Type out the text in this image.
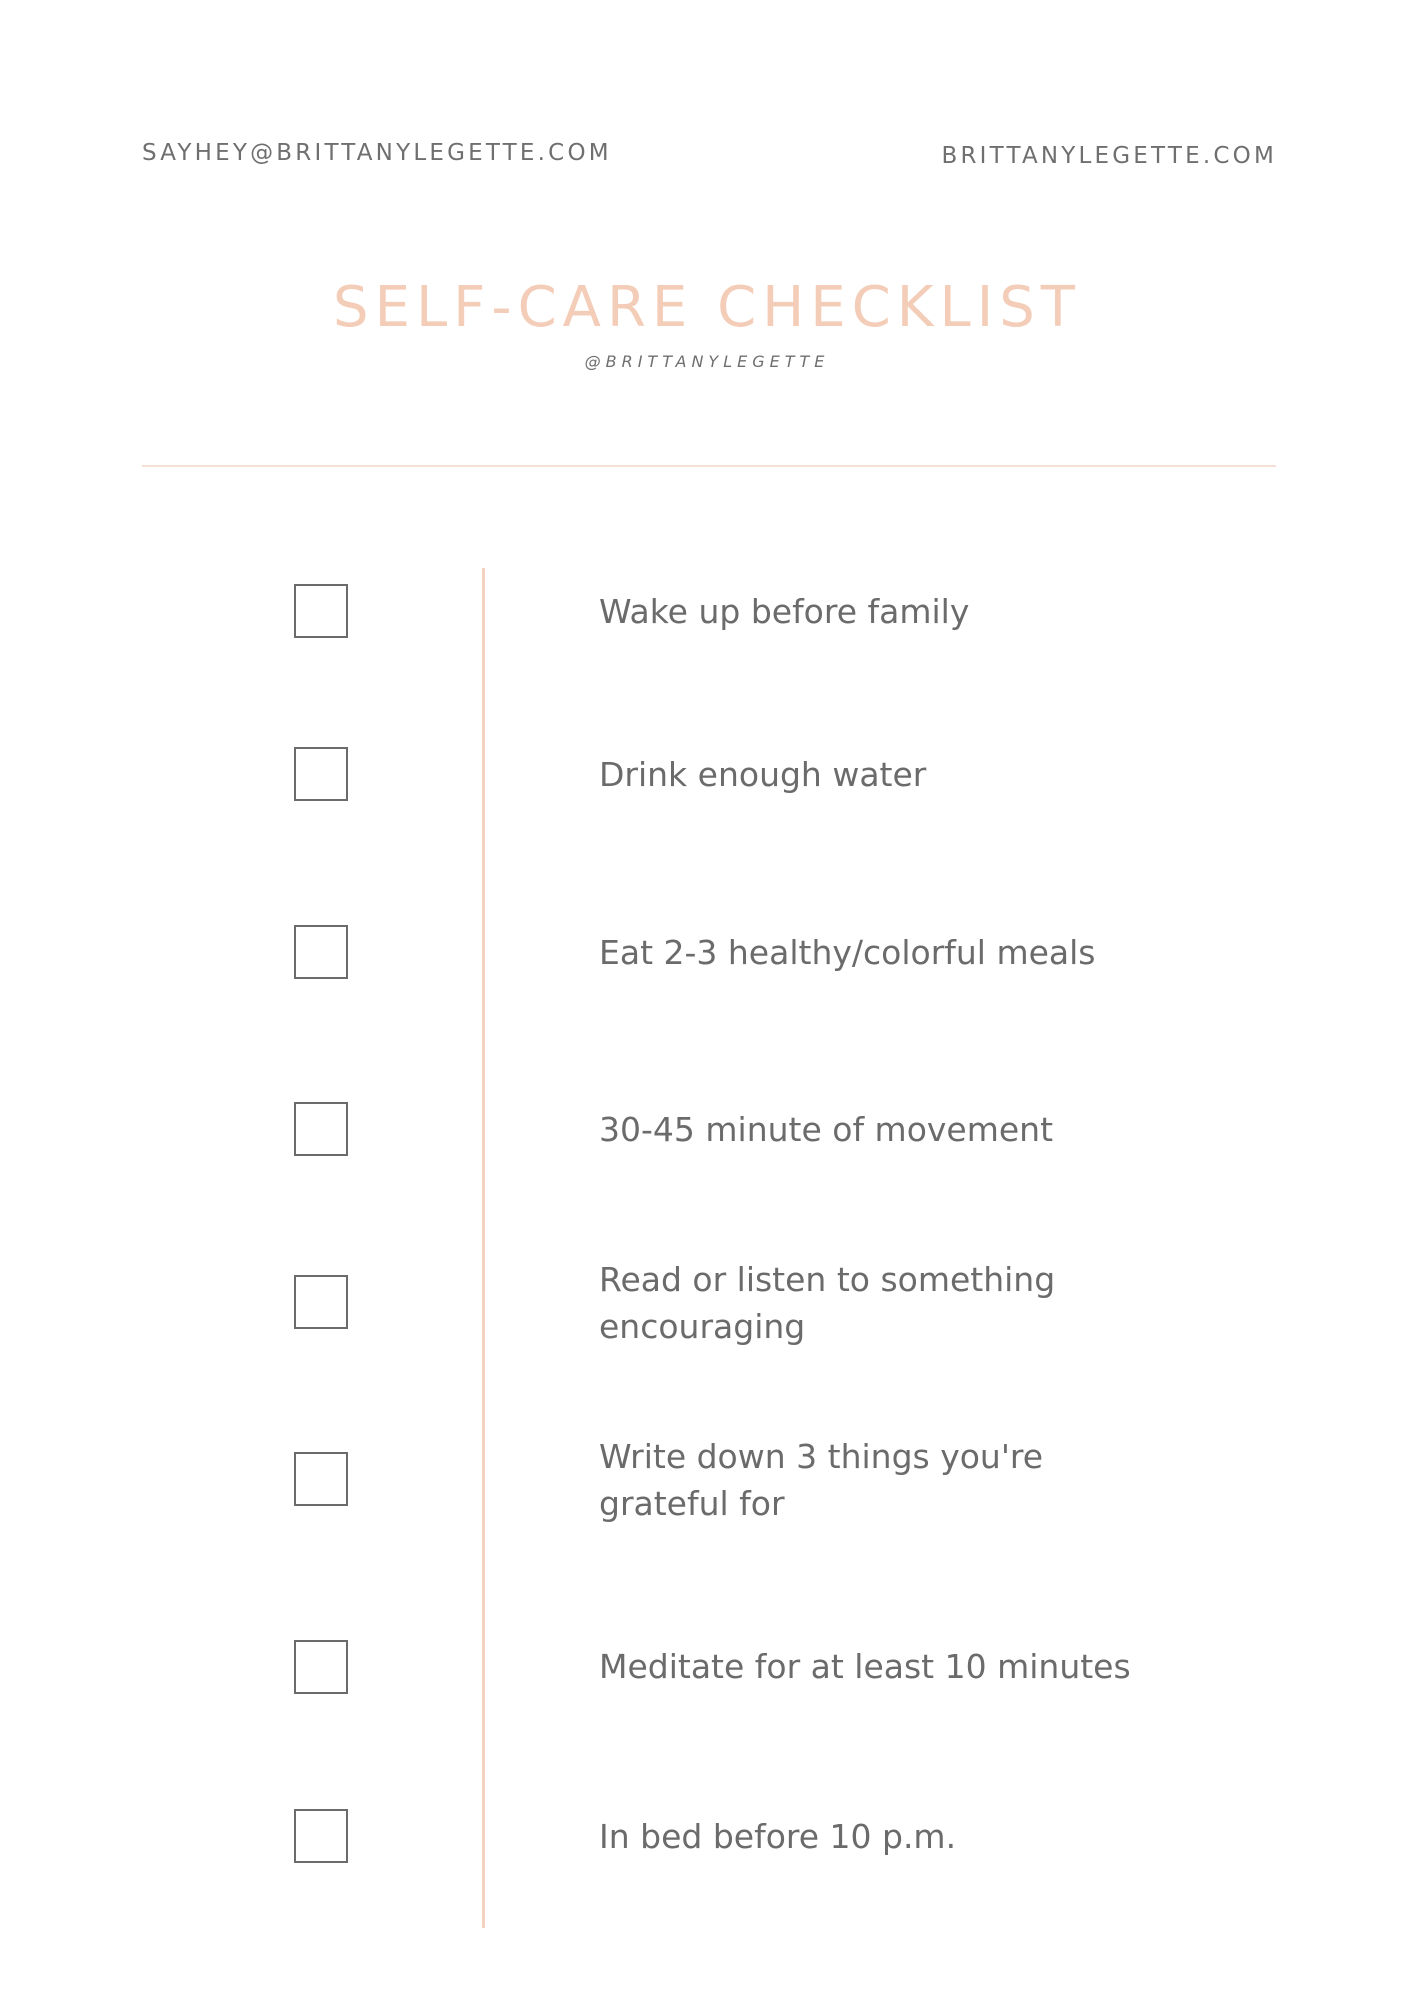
SAYHEY@BRITTANYLEGETTE.COM	BRITTANYLEGETTE.COM
SELF-CARE CHECKLIST
@BRITTANYLEGETTE
Wake up before family
Drink enough water
Eat 2-3 healthy/colorful meals
30-45 minute of movement
Read or listen to something encouraging
Write down 3 things you're grateful for
Meditate for at least 10 minutes
In bed before 10 p.m.
